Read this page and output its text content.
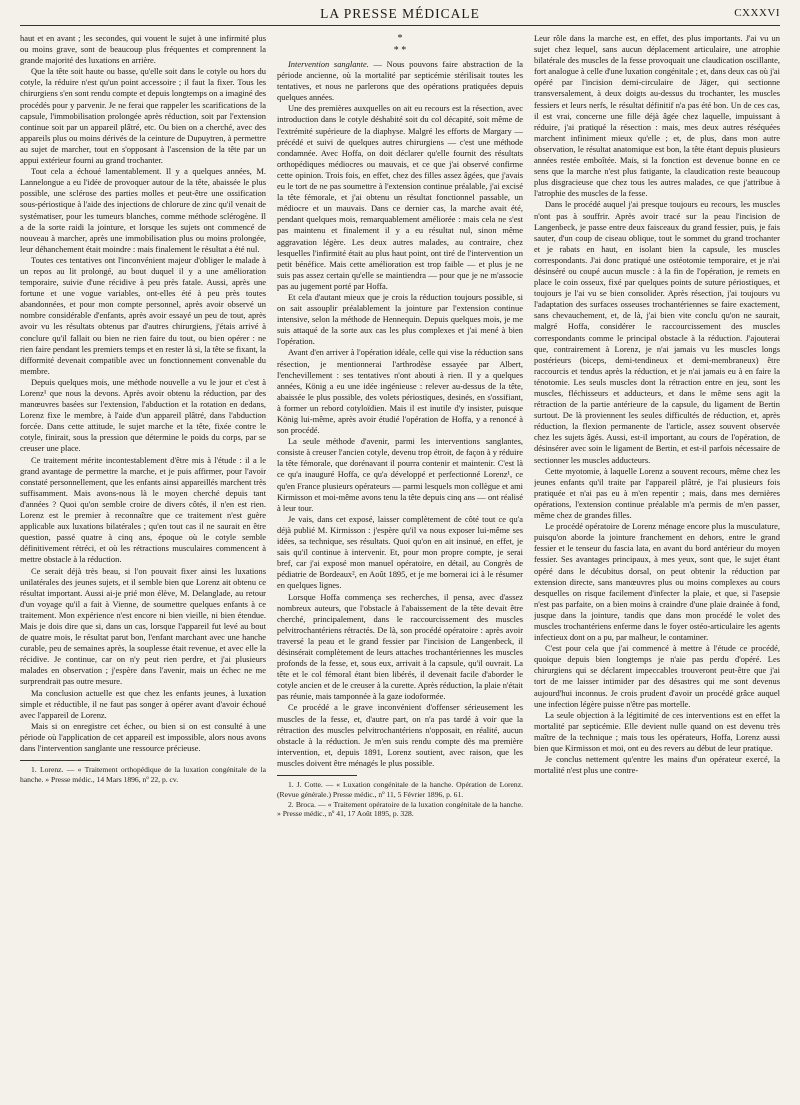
LA PRESSE MÉDICALE	CXXXVI

haut et en avant ; les secondes, qui vouent le sujet à une infirmité plus ou moins grave, sont de beaucoup plus fréquentes et comprennent la grande majorité des luxations en arrière.

Que la tête soit haute ou basse, qu'elle soit dans le cotyle ou hors du cotyle, la réduire n'est qu'un point accessoire ; il faut la fixer. Tous les chirurgiens s'en sont rendu compte et depuis longtemps on a imaginé des procédés pour y parvenir. Je ne ferai que rappeler les scarifications de la capsule, l'immobilisation prolongée après réduction, soit par l'extension continue soit par un appareil plâtré, etc. Ou bien on a cherché, avec des appareils plus ou moins dérivés de la ceinture de Dupuytren, à permettre au sujet de marcher, tout en s'opposant à l'ascension de la tête par un appui extérieur fourni au grand trochanter.

Tout cela a échoué lamentablement. Il y a quelques années, M. Lannelongue a eu l'idée de provoquer autour de la tête, abaissée le plus possible, une sclérose des parties molles et peut-être une ossification sous-périostique à l'aide des injections de chlorure de zinc qu'il venait de systématiser, pour les tumeurs blanches, comme méthode sclérogène. Il a de la sorte raidi la jointure, et lorsque les sujets ont commencé de nouveau à marcher, après une immobilisation plus ou moins prolongée, leur déhanchement était moindre : mais finalement le résultat a été nul.

Toutes ces tentatives ont l'inconvénient majeur d'obliger le malade à un repos au lit prolongé, au bout duquel il y a une amélioration temporaire, suivie d'une récidive à peu près fatale. Aussi, après une fortune et une vogue variables, ont-elles été à peu près toutes abandonnées, et pour mon compte personnel, après avoir observé un nombre considérable d'enfants, après avoir essayé un peu de tout, après avoir vu les résultats obtenus par d'autres chirurgiens, j'étais arrivé à conclure qu'il fallait ou bien ne rien faire du tout, ou bien opérer : ne rien faire pendant les premiers temps et en rester là si, la tête se fixant, la difformité devenait compatible avec un fonctionnement convenable du membre.

Depuis quelques mois, une méthode nouvelle a vu le jour et c'est à Lorenz¹ que nous la devons. Après avoir obtenu la réduction, par des manœuvres basées sur l'extension, l'abduction et la rotation en dedans, Lorenz fixe le membre, à l'aide d'un appareil plâtré, dans l'abduction forcée. Dans cette attitude, le sujet marche et la tête, fixée contre le cotyle, finirait, sous la pression que détermine le poids du corps, par se creuser une place.

Ce traitement mérite incontestablement d'être mis à l'étude : il a le grand avantage de permettre la marche, et je puis affirmer, pour l'avoir constaté personnellement, que les enfants ainsi appareillés marchent très suffisamment. Mais avons-nous là le moyen cherché depuis tant d'années ? Quoi qu'on semble croire de divers côtés, il n'en est rien. Lorenz est le premier à reconnaître que ce traitement n'est guère applicable aux luxations bilatérales ; qu'en tout cas il ne saurait en être question, passé quatre à cinq ans, époque où le cotyle semble définitivement rétréci, et où les rétractions musculaires commencent à mettre obstacle à la réduction.

Ce serait déjà très beau, si l'on pouvait fixer ainsi les luxations unilatérales des jeunes sujets, et il semble bien que Lorenz ait obtenu ce résultat important. Aussi ai-je prié mon élève, M. Delanglade, au retour d'un voyage qu'il a fait à Vienne, de soumettre quelques enfants à ce traitement. Mon expérience n'est encore ni bien vieille, ni bien étendue. Mais je dois dire que si, dans un cas, lorsque l'appareil fut levé au bout de quatre mois, le résultat parut bon, l'enfant marchant avec une hanche curable, peu de semaines après, la souplesse était revenue, et avec elle la récidive. Je continue, car on n'y peut rien perdre, et j'ai plusieurs malades en observation ; j'espère dans l'avenir, mais un échec ne me surprendrait pas outre mesure.

Ma conclusion actuelle est que chez les enfants jeunes, à luxation simple et réductible, il ne faut pas songer à opérer avant d'avoir échoué avec l'appareil de Lorenz.

Mais si on enregistre cet échec, ou bien si on est consulté à une période où l'application de cet appareil est impossible, alors nous avons dans l'intervention sanglante une ressource précieuse.

1. Lorenz. — « Traitement orthopédique de la luxation congénitale de la hanche. » Presse médic., 14 Mars 1896, nº 22, p. cv.

*
* *

Intervention sanglante. — Nous pouvons faire abstraction de la période ancienne, où la mortalité par septicémie stérilisait toutes les tentatives, et nous ne parlerons que des opérations pratiquées depuis quelques années.

Une des premières auxquelles on ait eu recours est la résection, avec introduction dans le cotyle déshabité soit du col décapité, soit même de l'extrémité supérieure de la diaphyse. Malgré les efforts de Margary — précédé et suivi de quelques autres chirurgiens — c'est une méthode condamnée. Avec Hoffa, on doit déclarer qu'elle fournit des résultats orthopédiques médiocres ou mauvais, et ce que j'ai observé confirme cette opinion. Trois fois, en effet, chez des filles assez âgées, que j'avais eu le tort de ne pas soumettre à l'extension continue préalable, j'ai excisé la tête fémorale, et j'ai obtenu un résultat fonctionnel passable, un médiocre et un mauvais. Dans ce dernier cas, la marche avait été, pendant quelques mois, remarquablement améliorée : mais cela ne s'est pas maintenu et finalement il y a eu résultat nul, sinon même aggravation légère. Les deux autres malades, au contraire, chez lesquelles l'infirmité était au plus haut point, ont tiré de l'intervention un petit bénéfice. Mais cette amélioration est trop faible — et plus je ne suis pas assez certain qu'elle se maintiendra — pour que je ne m'associe pas au jugement porté par Hoffa.

Et cela d'autant mieux que je crois la réduction toujours possible, si on sait assouplir préalablement la jointure par l'extension continue intensive, selon la méthode de Hennequin. Depuis quelques mois, je me suis attaqué de la sorte aux cas les plus complexes et j'ai mené à bien l'opération.

Avant d'en arriver à l'opération idéale, celle qui vise la réduction sans résection, je mentionnerai l'arthrodèse essayée par Albert, l'enchevillement : ses tentatives n'ont abouti à rien. Il y a quelques années, König a eu une idée ingénieuse : relever au-dessus de la tête, abaissée le plus possible, des volets périostiques, desinés, en s'ossifiant, à former un rebord cotyloïdien. Mais il est inutile d'y insister, puisque König lui-même, après avoir étudié l'opération de Hoffa, y a renoncé à son procédé.

La seule méthode d'avenir, parmi les interventions sanglantes, consiste à creuser l'ancien cotyle, devenu trop étroit, de façon à y réduire la tête fémorale, que dorénavant il pourra contenir et maintenir. C'est là ce qu'a inauguré Hoffa, ce qu'a développé et perfectionné Lorenz¹, ce qu'en France plusieurs opérateurs — parmi lesquels mon collègue et ami Kirmisson et moi-même avons tenu la tête depuis cinq ans — ont réalisé à leur tour.

Je vais, dans cet exposé, laisser complètement de côté tout ce qu'a déjà publié M. Kirmisson : j'espère qu'il va nous exposer lui-même ses idées, sa technique, ses résultats. Quoi qu'on en ait insinué, en effet, je sais qu'il continue à intervenir. Et, pour mon propre compte, je serai bref, car j'ai exposé mon manuel opératoire, en détail, au Congrès de pédiatrie de Bordeaux², en Août 1895, et je me bornerai ici à le résumer en quelques lignes.

Lorsque Hoffa commença ses recherches, il pensa, avec d'assez nombreux auteurs, que l'obstacle à l'abaissement de la tête devait être cherché, principalement, dans le raccourcissement des muscles pelvitrochantériens rétractés. De là, son procédé opératoire : après avoir traversé la peau et le grand fessier par l'incision de Langenbeck, il désinsérait complètement de leurs attaches trochantériennes les muscles profonds de la fesse, et, sous eux, arrivait à la capsule, qu'il ouvrait. La tête et le col fémoral étant bien libérés, il devenait facile d'aborder le cotyle ancien et de le creuser à la curette. Après réduction, la plaie n'était pas réunie, mais tamponnée à la gaze iodoformée.

Ce procédé a le grave inconvénient d'offenser sérieusement les muscles de la fesse, et, d'autre part, on n'a pas tardé à voir que la rétraction des muscles pelvitrochantériens n'opposait, en réalité, aucun obstacle à la réduction. Je m'en suis rendu compte dès ma première intervention, et, depuis 1891, Lorenz soutient, avec raison, que les muscles doivent être ménagés le plus possible.

1. J. Cotte. — « Luxation congénitale de la hanche. Opération de Lorenz. (Revue générale.) Presse médic., nº 11, 5 Février 1896, p. 61.

2. Broca. — « Traitement opératoire de la luxation congénitale de la hanche. » Presse médic., nº 41, 17 Août 1895, p. 328.

Leur rôle dans la marche est, en effet, des plus importants. J'ai vu un sujet chez lequel, sans aucun déplacement articulaire, une atrophie bilatérale des muscles de la fesse provoquait une claudication oscillante, fort analogue à celle d'une luxation congénitale ; et, dans deux cas où j'ai opéré par l'incision demi-circulaire de Jäger, qui sectionne transversalement, à deux doigts au-dessus du trochanter, les muscles fessiers et leurs nerfs, le résultat définitif n'a pas été bon. Un de ces cas, il est vrai, concerne une fille déjà âgée chez laquelle, impuissant à réduire, j'ai pratiqué la résection : mais, mes deux autres réséquées marchent infiniment mieux qu'elle ; et, de plus, dans mon autre observation, le résultat anatomique est bon, la tête étant depuis plusieurs années restée emboîtée. Mais, si la fonction est devenue bonne en ce sens que la marche n'est plus fatigante, la claudication reste beaucoup plus disgracieuse que chez tous les autres malades, ce que j'attribue à l'atrophie des muscles de la fesse.

Dans le procédé auquel j'ai presque toujours eu recours, les muscles n'ont pas à souffrir. Après avoir tracé sur la peau l'incision de Langenbeck, je passe entre deux faisceaux du grand fessier, puis, je fais sauter, d'un coup de ciseau oblique, tout le sommet du grand trochanter et je rabats en haut, en isolant bien la capsule, les muscles correspondants. J'ai donc pratiqué une ostéotomie temporaire, et je n'ai désinséré ou coupé aucun muscle : à la fin de l'opération, je remets en place le coin osseux, fixé par quelques points de suture périostiques, et toujours je l'ai vu se bien consolider. Après résection, j'ai toujours vu l'adaptation des surfaces osseuses trochantériennes se faire exactement, sans chevauchement, et, de là, j'ai bien vite conclu qu'on ne saurait, malgré Hoffa, considérer le raccourcissement des muscles correspondants comme le principal obstacle à la réduction. J'ajouterai que, contrairement à Lorenz, je n'ai jamais vu les muscles longs postérieurs (biceps, demi-tendineux et demi-membraneux) être raccourcis et tendus après la réduction, et je n'ai jamais eu à en faire la ténotomie. Les seuls muscles dont la rétraction entre en jeu, sont les muscles, fléchisseurs et adducteurs, et dans le même sens agit la rétraction de la partie antérieure de la capsule, du ligament de Bertin surtout. De là proviennent les seules difficultés de réduction, et, après réduction, la flexion permanente de l'article, assez souvent observée chez les sujets âgés. Aussi, est-il important, au cours de l'opération, de désinsérer avec soin le ligament de Bertin, et est-il parfois nécessaire de sectionner les muscles adducteurs.

Cette myotomie, à laquelle Lorenz a souvent recours, même chez les jeunes enfants qu'il traite par l'appareil plâtré, je l'ai plusieurs fois pratiquée et n'ai pas eu à m'en repentir ; mais, dans mes dernières opérations, l'extension continue préalable m'a permis de m'en passer, même chez de grandes filles.

Le procédé opératoire de Lorenz ménage encore plus la musculature, puisqu'on aborde la jointure franchement en dehors, entre le grand fessier et le tenseur du fascia lata, en avant du bord antérieur du moyen fessier. Ses avantages principaux, à mes yeux, sont que, le sujet étant opéré dans le décubitus dorsal, on peut obtenir la réduction par extension directe, sans manœuvres plus ou moins complexes au cours desquelles on risque facilement d'infecter la plaie, et que, si l'asepsie n'est pas parfaite, on a bien moins à craindre d'une plaie drainée à fond, jusque dans la jointure, tandis que dans mon procédé le volet des muscles trochantériens enferme dans le foyer ostéo-articulaire les agents infectieux dont on a pu, par malheur, le contaminer.

C'est pour cela que j'ai commencé à mettre à l'étude ce procédé, quoique depuis bien longtemps je n'aie pas perdu d'opéré. Les chirurgiens qui se déclarent impeccables trouveront peut-être que j'ai tort de me laisser intimider par des désastres qui me sont devenus aujourd'hui inconnus. Je crois prudent d'avoir un procédé grâce auquel une infection légère puisse n'être pas mortelle.

La seule objection à la légitimité de ces interventions est en effet la mortalité par septicémie. Elle devient nulle quand on est devenu très maître de la technique ; mais tous les opérateurs, Hoffa, Lorenz aussi bien que Kirmisson et moi, ont eu des revers au début de leur pratique.

Je conclus nettement qu'entre les mains d'un opérateur exercé, la mortalité n'est plus une contre-
